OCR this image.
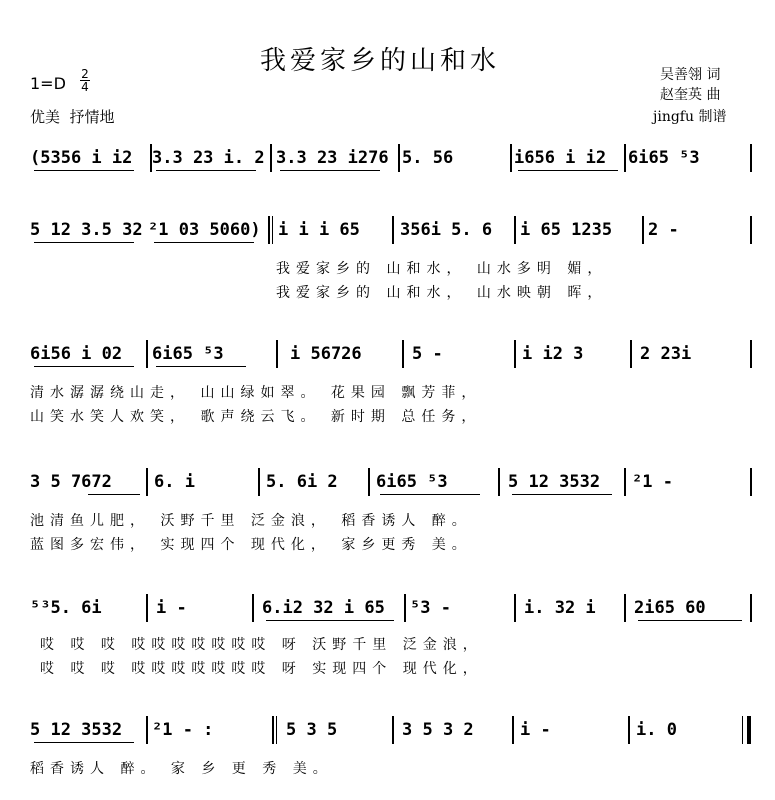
我爱家乡的山和水
$1=D \frac{2}{4}$
优美  抒情地
吴善翎 词
赵奎英 曲
jingfu 制谱
(5356 i i2 3.3 23 i. 2 3.3 23 i276 5. 56	i656 i i2 6i65 ⁵3
5 12 3.5 32 ²1 03 5060) i i i 65 356i 5. 6 i 65 1235 2 -
我爱家乡的 山和水， 山水多明 媚，
我爱家乡的 山和水， 山水映朝 晖，
6i56 i 02 6i65 ⁵3	i 56726	5 -	i i2 3	2 23i
清水潺潺绕山走， 山山绿如翠。 花果园 飘芳菲，
山笑水笑人欢笑， 歌声绕云飞。 新时期 总任务，
3 5 7672 6. i	5. 6i 2 6i65 ⁵3	5 12 3532 ²1 -
池清鱼儿肥， 沃野千里 泛金浪， 稻香诱人 醉。
蓝图多宏伟， 实现四个 现代化， 家乡更秀 美。
⁵³5. 6i	i -	6.i2 32 i 65 ⁵3 -	i. 32 i 2i65 60
哎 哎 哎 哎哎哎哎哎哎哎 呀 沃野千里 泛金浪，
哎 哎 哎 哎哎哎哎哎哎哎 呀 实现四个 现代化，
5 12 3532 ²1 - :	5 3 5	3 5 3 2	i -	i. 0
稻香诱人 醉。 家 乡 更 秀 美。
